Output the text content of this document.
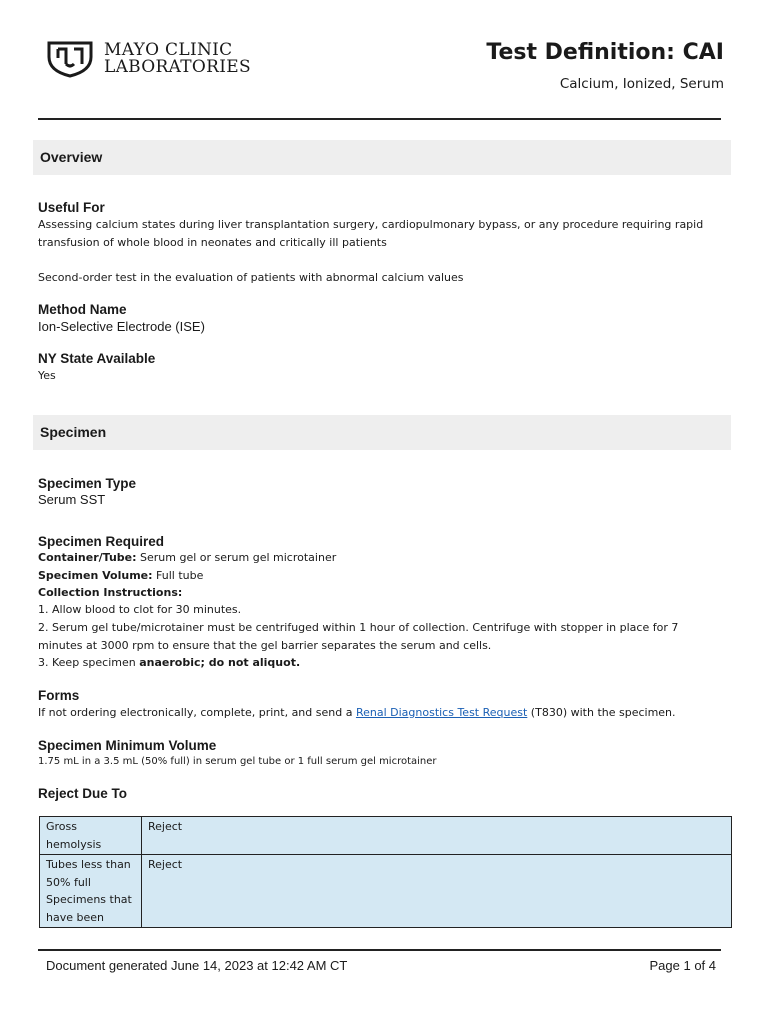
MAYO CLINIC
LABORATORIES
Test Definition: CAI
Calcium, Ionized, Serum
Overview
Useful For
Assessing calcium states during liver transplantation surgery, cardiopulmonary bypass, or any procedure requiring rapid
transfusion of whole blood in neonates and critically ill patients
Second-order test in the evaluation of patients with abnormal calcium values
Method Name
Ion-Selective Electrode (ISE)
NY State Available
Yes
Specimen
Specimen Type
Serum SST
Specimen Required
Container/Tube: Serum gel or serum gel microtainer
Specimen Volume: Full tube
Collection Instructions:
1. Allow blood to clot for 30 minutes.
2. Serum gel tube/microtainer must be centrifuged within 1 hour of collection. Centrifuge with stopper in place for 7
minutes at 3000 rpm to ensure that the gel barrier separates the serum and cells.
3. Keep specimen anaerobic; do not aliquot.
Forms
If not ordering electronically, complete, print, and send a Renal Diagnostics Test Request (T830) with the specimen.
Specimen Minimum Volume
1.75 mL in a 3.5 mL (50% full) in serum gel tube or 1 full serum gel microtainer
Reject Due To
Gross
hemolysis	Reject

Tubes less than
50% full
Specimens that
have been	Reject
Document generated June 14, 2023 at 12:42 AM CT	Page 1 of 4
